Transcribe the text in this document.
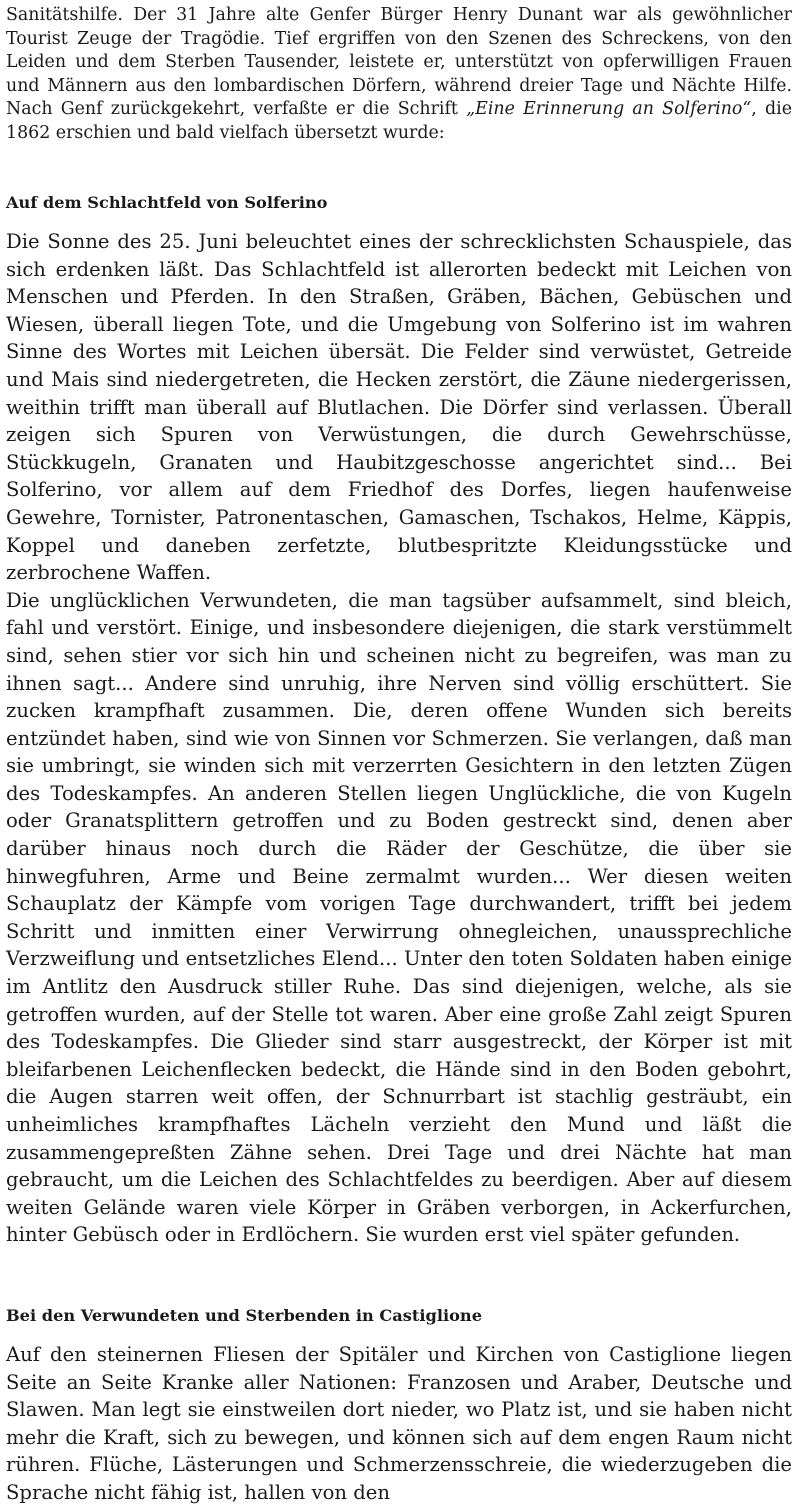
Sanitätshilfe. Der 31 Jahre alte Genfer Bürger Henry Dunant war als gewöhnlicher Tourist Zeuge der Tragödie. Tief ergriffen von den Szenen des Schreckens, von den Leiden und dem Sterben Tausender, leistete er, unterstützt von opferwilligen Frauen und Männern aus den lombardischen Dörfern, während dreier Tage und Nächte Hilfe. Nach Genf zurückgekehrt, verfaßte er die Schrift „Eine Erinnerung an Solferino“, die 1862 erschien und bald vielfach übersetzt wurde:

Auf dem Schlachtfeld von Solferino

Die Sonne des 25. Juni beleuchtet eines der schrecklichsten Schauspiele, das sich erdenken läßt. Das Schlachtfeld ist allerorten bedeckt mit Leichen von Menschen und Pferden. In den Straßen, Gräben, Bächen, Gebüschen und Wiesen, überall liegen Tote, und die Umgebung von Solferino ist im wahren Sinne des Wortes mit Leichen übersät. Die Felder sind verwüstet, Getreide und Mais sind niedergetreten, die Hecken zerstört, die Zäune niedergerissen, weithin trifft man überall auf Blutlachen. Die Dörfer sind verlassen. Überall zeigen sich Spuren von Verwüstungen, die durch Gewehrschüsse, Stückkugeln, Granaten und Haubitzgeschosse angerichtet sind... Bei Solferino, vor allem auf dem Friedhof des Dorfes, liegen haufenweise Gewehre, Tornister, Patronentaschen, Gamaschen, Tschakos, Helme, Käppis, Koppel und daneben zerfetzte, blutbespritzte Kleidungsstücke und zerbrochene Waffen.

Die unglücklichen Verwundeten, die man tagsüber aufsammelt, sind bleich, fahl und verstört. Einige, und insbesondere diejenigen, die stark verstümmelt sind, sehen stier vor sich hin und scheinen nicht zu begreifen, was man zu ihnen sagt... Andere sind unruhig, ihre Nerven sind völlig erschüttert. Sie zucken krampfhaft zusammen. Die, deren offene Wunden sich bereits entzündet haben, sind wie von Sinnen vor Schmerzen. Sie verlangen, daß man sie umbringt, sie winden sich mit verzerrten Gesichtern in den letzten Zügen des Todeskampfes. An anderen Stellen liegen Unglückliche, die von Kugeln oder Granatsplittern getroffen und zu Boden gestreckt sind, denen aber darüber hinaus noch durch die Räder der Geschütze, die über sie hinwegfuhren, Arme und Beine zermalmt wurden... Wer diesen weiten Schauplatz der Kämpfe vom vorigen Tage durchwandert, trifft bei jedem Schritt und inmitten einer Verwirrung ohnegleichen, unaussprechliche Verzweiflung und entsetzliches Elend... Unter den toten Soldaten haben einige im Antlitz den Ausdruck stiller Ruhe. Das sind diejenigen, welche, als sie getroffen wurden, auf der Stelle tot waren. Aber eine große Zahl zeigt Spuren des Todeskampfes. Die Glieder sind starr ausgestreckt, der Körper ist mit bleifarbenen Leichenflecken bedeckt, die Hände sind in den Boden gebohrt, die Augen starren weit offen, der Schnurrbart ist stachlig gesträubt, ein unheimliches krampfhaftes Lächeln verzieht den Mund und läßt die zusammengepreßten Zähne sehen. Drei Tage und drei Nächte hat man gebraucht, um die Leichen des Schlachtfeldes zu beerdigen. Aber auf diesem weiten Gelände waren viele Körper in Gräben verborgen, in Ackerfurchen, hinter Gebüsch oder in Erdlöchern. Sie wurden erst viel später gefunden.

Bei den Verwundeten und Sterbenden in Castiglione

Auf den steinernen Fliesen der Spitäler und Kirchen von Castiglione liegen Seite an Seite Kranke aller Nationen: Franzosen und Araber, Deutsche und Slawen. Man legt sie einstweilen dort nieder, wo Platz ist, und sie haben nicht mehr die Kraft, sich zu bewegen, und können sich auf dem engen Raum nicht rühren. Flüche, Lästerungen und Schmerzensschreie, die wiederzugeben die Sprache nicht fähig ist, hallen von den
